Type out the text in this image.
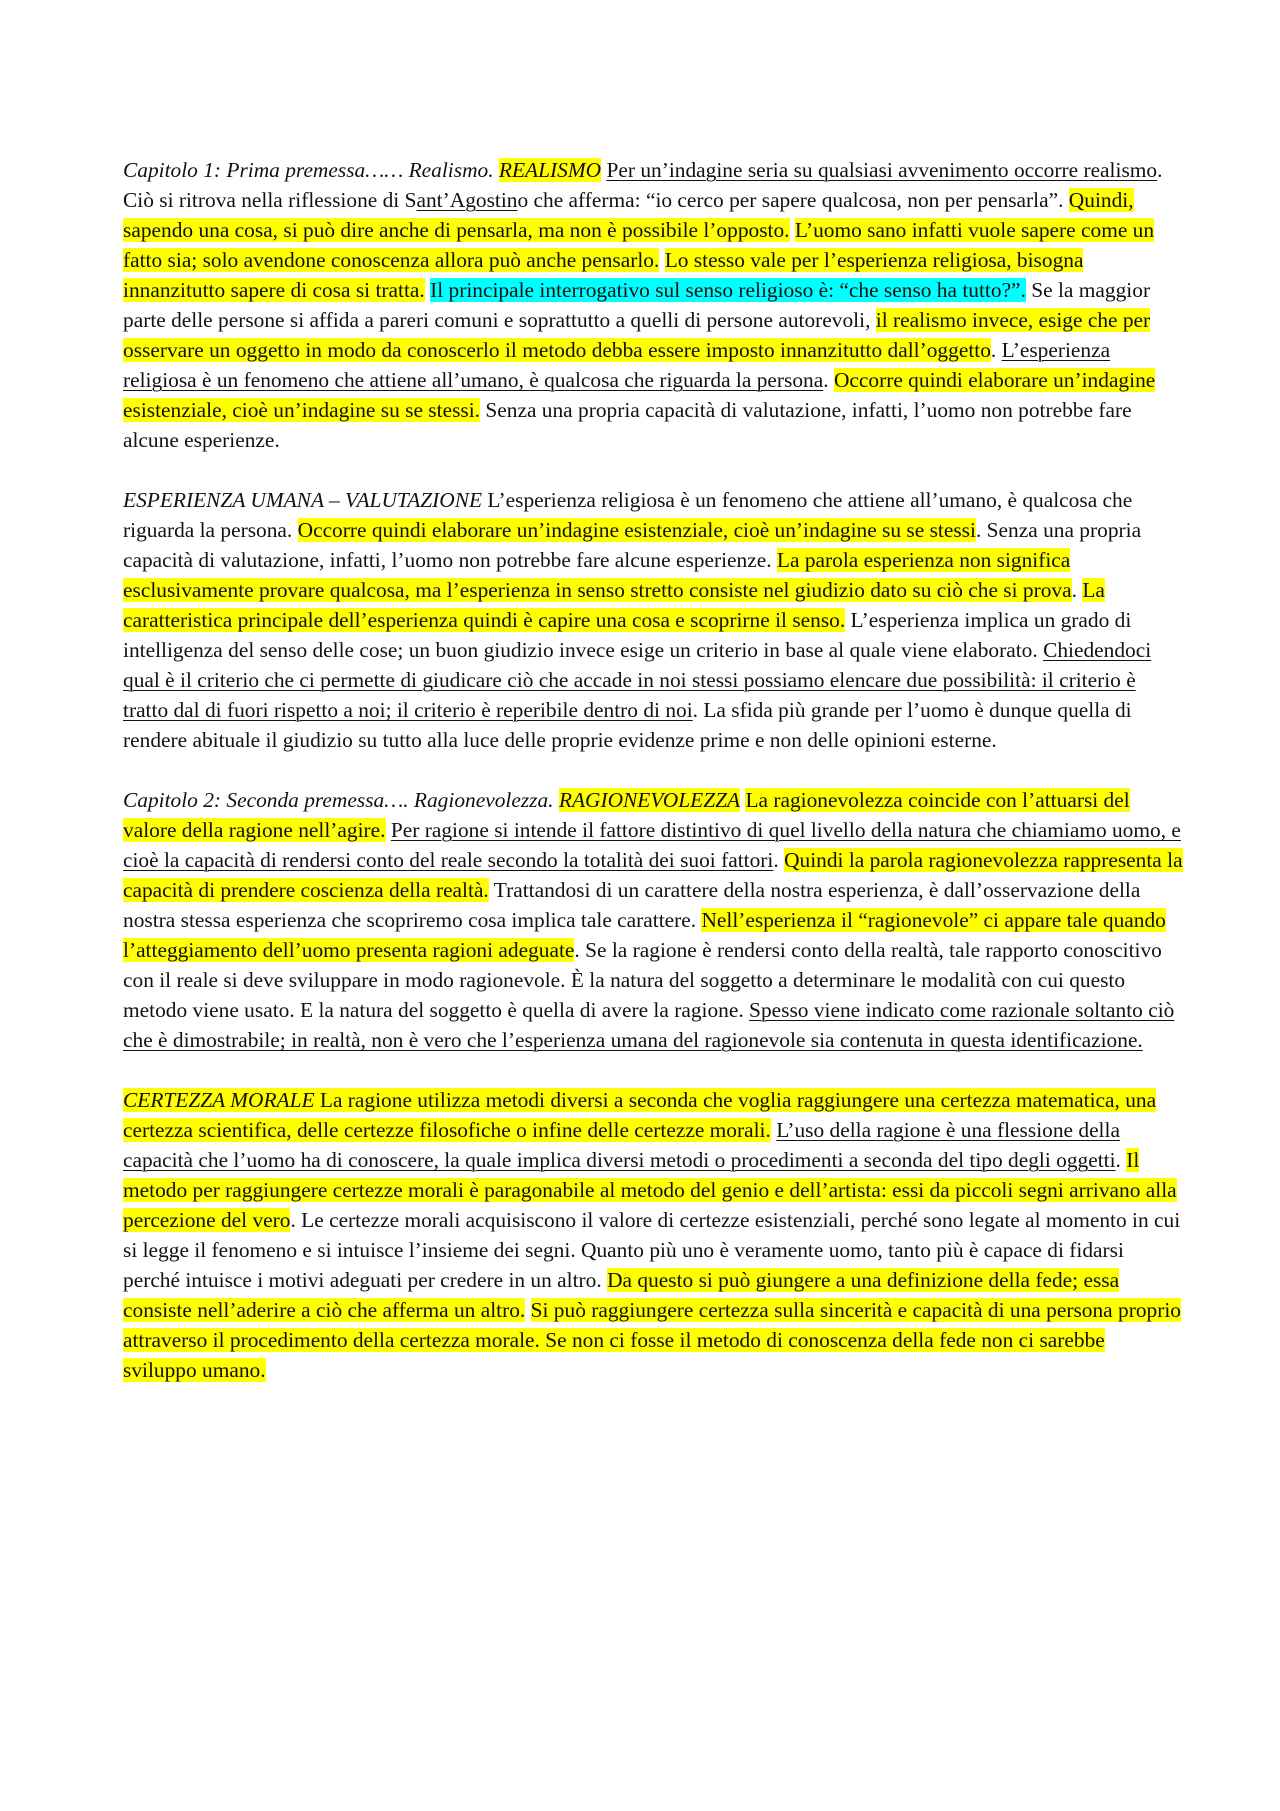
Capitolo 1: Prima premessa…… Realismo. REALISMO Per un’indagine seria su qualsiasi avvenimento occorre realismo. Ciò si ritrova nella riflessione di Sant’Agostino che afferma: “io cerco per sapere qualcosa, non per pensarla”. Quindi, sapendo una cosa, si può dire anche di pensarla, ma non è possibile l’opposto. L’uomo sano infatti vuole sapere come un fatto sia; solo avendone conoscenza allora può anche pensarlo. Lo stesso vale per l’esperienza religiosa, bisogna innanzitutto sapere di cosa si tratta. Il principale interrogativo sul senso religioso è: “che senso ha tutto?”. Se la maggior parte delle persone si affida a pareri comuni e soprattutto a quelli di persone autorevoli, il realismo invece, esige che per osservare un oggetto in modo da conoscerlo il metodo debba essere imposto innanzitutto dall’oggetto. L’esperienza religiosa è un fenomeno che attiene all’umano, è qualcosa che riguarda la persona. Occorre quindi elaborare un’indagine esistenziale, cioè un’indagine su se stessi. Senza una propria capacità di valutazione, infatti, l’uomo non potrebbe fare alcune esperienze.

ESPERIENZA UMANA – VALUTAZIONE L’esperienza religiosa è un fenomeno che attiene all’umano, è qualcosa che riguarda la persona. Occorre quindi elaborare un’indagine esistenziale, cioè un’indagine su se stessi. Senza una propria capacità di valutazione, infatti, l’uomo non potrebbe fare alcune esperienze. La parola esperienza non significa esclusivamente provare qualcosa, ma l’esperienza in senso stretto consiste nel giudizio dato su ciò che si prova. La caratteristica principale dell’esperienza quindi è capire una cosa e scoprirne il senso. L’esperienza implica un grado di intelligenza del senso delle cose; un buon giudizio invece esige un criterio in base al quale viene elaborato. Chiedendoci qual è il criterio che ci permette di giudicare ciò che accade in noi stessi possiamo elencare due possibilità: il criterio è tratto dal di fuori rispetto a noi; il criterio è reperibile dentro di noi. La sfida più grande per l’uomo è dunque quella di rendere abituale il giudizio su tutto alla luce delle proprie evidenze prime e non delle opinioni esterne.

Capitolo 2: Seconda premessa…. Ragionevolezza. RAGIONEVOLEZZA La ragionevolezza coincide con l’attuarsi del valore della ragione nell’agire. Per ragione si intende il fattore distintivo di quel livello della natura che chiamiamo uomo, e cioè la capacità di rendersi conto del reale secondo la totalità dei suoi fattori. Quindi la parola ragionevolezza rappresenta la capacità di prendere coscienza della realtà. Trattandosi di un carattere della nostra esperienza, è dall’osservazione della nostra stessa esperienza che scopriremo cosa implica tale carattere. Nell’esperienza il “ragionevole” ci appare tale quando l’atteggiamento dell’uomo presenta ragioni adeguate. Se la ragione è rendersi conto della realtà, tale rapporto conoscitivo con il reale si deve sviluppare in modo ragionevole. È la natura del soggetto a determinare le modalità con cui questo metodo viene usato. E la natura del soggetto è quella di avere la ragione. Spesso viene indicato come razionale soltanto ciò che è dimostrabile; in realtà, non è vero che l’esperienza umana del ragionevole sia contenuta in questa identificazione.

CERTEZZA MORALE La ragione utilizza metodi diversi a seconda che voglia raggiungere una certezza matematica, una certezza scientifica, delle certezze filosofiche o infine delle certezze morali. L’uso della ragione è una flessione della capacità che l’uomo ha di conoscere, la quale implica diversi metodi o procedimenti a seconda del tipo degli oggetti. Il metodo per raggiungere certezze morali è paragonabile al metodo del genio e dell’artista: essi da piccoli segni arrivano alla percezione del vero. Le certezze morali acquisiscono il valore di certezze esistenziali, perché sono legate al momento in cui si legge il fenomeno e si intuisce l’insieme dei segni. Quanto più uno è veramente uomo, tanto più è capace di fidarsi perché intuisce i motivi adeguati per credere in un altro. Da questo si può giungere a una definizione della fede; essa consiste nell’aderire a ciò che afferma un altro. Si può raggiungere certezza sulla sincerità e capacità di una persona proprio attraverso il procedimento della certezza morale. Se non ci fosse il metodo di conoscenza della fede non ci sarebbe sviluppo umano.
